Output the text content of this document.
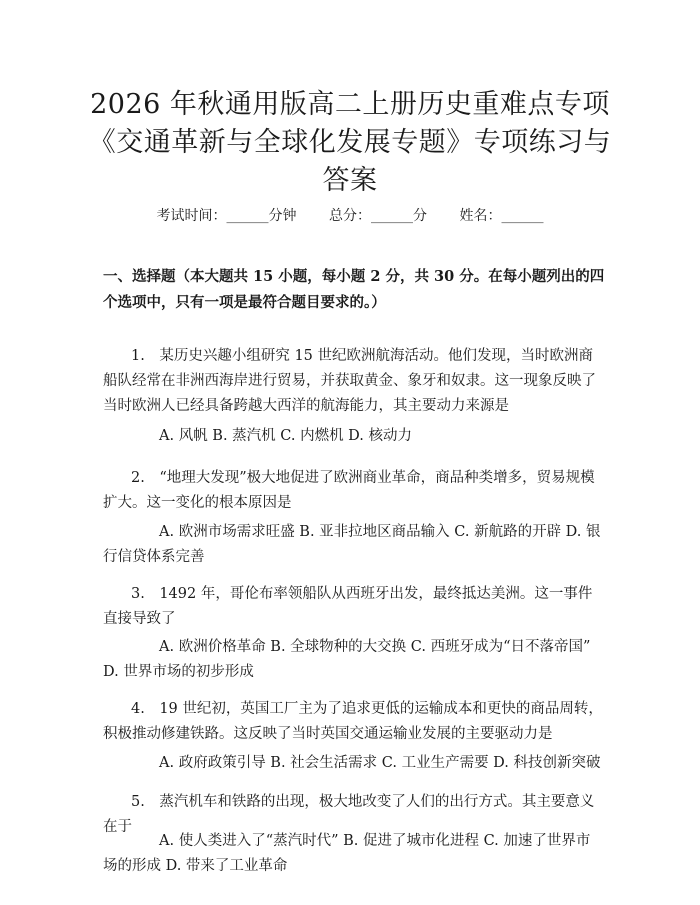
2026 年秋通用版高二上册历史重难点专项
《交通革新与全球化发展专题》专项练习与
答案
考试时间：______分钟 总分：______分 姓名：______

一、选择题（本大题共 15 小题，每小题 2 分，共 30 分。在每小题列出的四个选项中，只有一项是最符合题目要求的。）

1.　某历史兴趣小组研究 15 世纪欧洲航海活动。他们发现，当时欧洲商船队经常在非洲西海岸进行贸易，并获取黄金、象牙和奴隶。这一现象反映了当时欧洲人已经具备跨越大西洋的航海能力，其主要动力来源是

A. 风帆 B. 蒸汽机 C. 内燃机 D. 核动力

2.　“地理大发现”极大地促进了欧洲商业革命，商品种类增多，贸易规模扩大。这一变化的根本原因是

A. 欧洲市场需求旺盛 B. 亚非拉地区商品输入 C. 新航路的开辟 D. 银行信贷体系完善

3.　1492 年，哥伦布率领船队从西班牙出发，最终抵达美洲。这一事件直接导致了

A. 欧洲价格革命 B. 全球物种的大交换 C. 西班牙成为“日不落帝国” D. 世界市场的初步形成

4.　19 世纪初，英国工厂主为了追求更低的运输成本和更快的商品周转，积极推动修建铁路。这反映了当时英国交通运输业发展的主要驱动力是

A. 政府政策引导 B. 社会生活需求 C. 工业生产需要 D. 科技创新突破

5.　蒸汽机车和铁路的出现，极大地改变了人们的出行方式。其主要意义在于

A. 使人类进入了“蒸汽时代” B. 促进了城市化进程 C. 加速了世界市场的形成 D. 带来了工业革命
